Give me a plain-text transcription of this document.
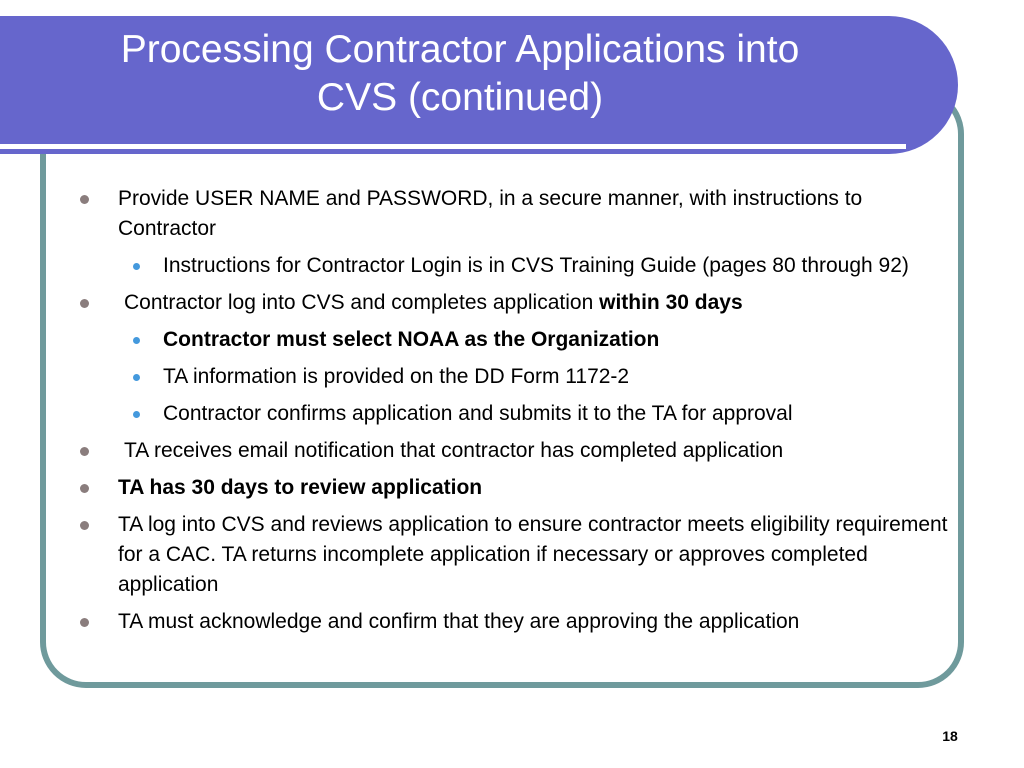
Processing Contractor Applications into
CVS (continued)
Provide USER NAME and PASSWORD, in a secure manner, with instructions to Contractor
Instructions for Contractor Login is in CVS Training Guide (pages 80 through 92)
Contractor log into CVS and completes application within 30 days
Contractor must select NOAA as the Organization
TA information is provided on the DD Form 1172-2
Contractor confirms application and submits it to the TA for approval
TA receives email notification that contractor has completed application
TA has 30 days to review application
TA log into CVS and reviews application to ensure contractor meets eligibility requirement for a CAC. TA returns incomplete application if necessary or approves completed application
TA must acknowledge and confirm that they are approving the application
18
